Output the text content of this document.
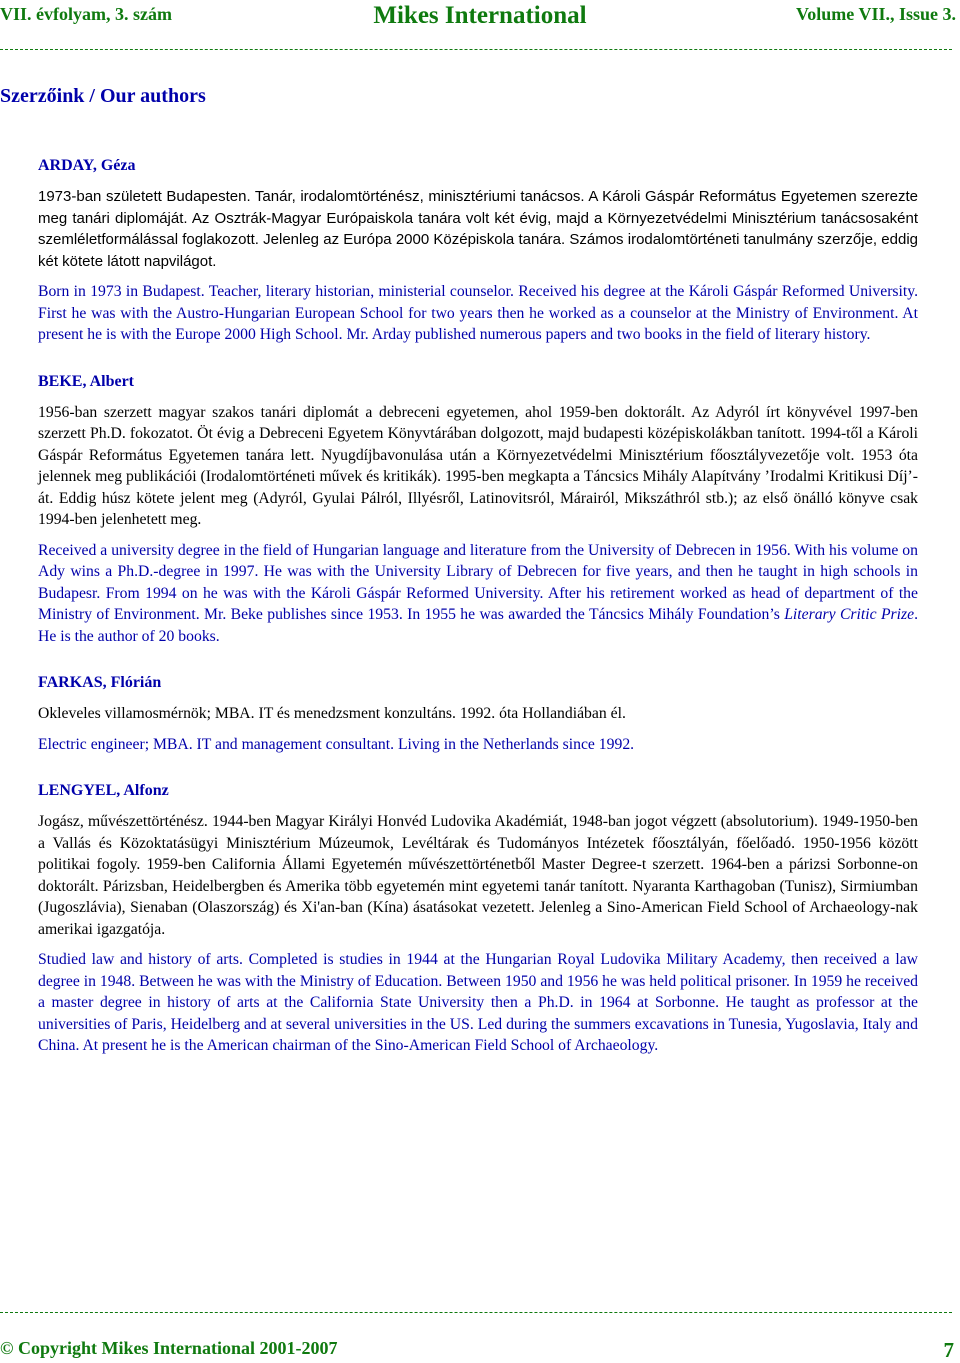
VII. évfolyam, 3. szám	Mikes International	Volume VII., Issue 3.
Szerzőink / Our authors
ARDAY, Géza

1973-ban született Budapesten. Tanár, irodalomtörténész, minisztériumi tanácsos. A Károli Gáspár Református Egyetemen szerezte meg tanári diplomáját. Az Osztrák-Magyar Európaiskola tanára volt két évig, majd a Környezetvédelmi Minisztérium tanácsosaként szemléletformálással foglakozott. Jelenleg az Európa 2000 Középiskola tanára. Számos irodalomtörténeti tanulmány szerzője, eddig két kötete látott napvilágot.

Born in 1973 in Budapest. Teacher, literary historian, ministerial counselor. Received his degree at the Károli Gáspár Reformed University. First he was with the Austro-Hungarian European School for two years then he worked as a counselor at the Ministry of Environment. At present he is with the Europe 2000 High School. Mr. Arday published numerous papers and two books in the field of literary history.

BEKE, Albert

1956-ban szerzett magyar szakos tanári diplomát a debreceni egyetemen, ahol 1959-ben doktorált. Az Adyról írt könyvével 1997-ben szerzett Ph.D. fokozatot. Öt évig a Debreceni Egyetem Könyvtárában dolgozott, majd budapesti középiskolákban tanított. 1994-től a Károli Gáspár Református Egyetemen tanára lett. Nyugdíjbavonulása után a Környezetvédelmi Minisztérium főosztályvezetője volt. 1953 óta jelennek meg publikációi (Irodalomtörténeti művek és kritikák). 1995-ben megkapta a Táncsics Mihály Alapítvány ’Irodalmi Kritikusi Díj’-át. Eddig húsz kötete jelent meg (Adyról, Gyulai Pálról, Illyésről, Latinovitsról, Márairól, Mikszáthról stb.); az első önálló könyve csak 1994-ben jelenhetett meg.

Received a university degree in the field of Hungarian language and literature from the University of Debrecen in 1956. With his volume on Ady wins a Ph.D.-degree in 1997. He was with the University Library of Debrecen for five years, and then he taught in high schools in Budapesr. From 1994 on he was with the Károli Gáspár Reformed University. After his retirement worked as head of department of the Ministry of Environment. Mr. Beke publishes since 1953. In 1955 he was awarded the Táncsics Mihály Foundation’s Literary Critic Prize. He is the author of 20 books.

FARKAS, Flórián

Okleveles villamosmérnök; MBA. IT és menedzsment konzultáns. 1992. óta Hollandiában él.

Electric engineer; MBA. IT and management consultant. Living in the Netherlands since 1992.

LENGYEL, Alfonz

Jogász, művészettörténész. 1944-ben Magyar Királyi Honvéd Ludovika Akadémiát, 1948-ban jogot végzett (absolutorium). 1949-1950-ben a Vallás és Közoktatásügyi Minisztérium Múzeumok, Levéltárak és Tudományos Intézetek főosztályán, főelőadó. 1950-1956 között politikai fogoly. 1959-ben California Állami Egyetemén művészettörténetből Master Degree-t szerzett. 1964-ben a párizsi Sorbonne-on doktorált. Párizsban, Heidelbergben és Amerika több egyetemén mint egyetemi tanár tanított. Nyaranta Karthagoban (Tunisz), Sirmiumban (Jugoszlávia), Sienaban (Olaszország) és Xi'an-ban (Kína) ásatásokat vezetett. Jelenleg a Sino-American Field School of Archaeology-nak amerikai igazgatója.

Studied law and history of arts. Completed is studies in 1944 at the Hungarian Royal Ludovika Military Academy, then received a law degree in 1948. Between he was with the Ministry of Education. Between 1950 and 1956 he was held political prisoner. In 1959 he received a master degree in history of arts at the California State University then a Ph.D. in 1964 at Sorbonne. He taught as professor at the universities of Paris, Heidelberg and at several universities in the US. Led during the summers excavations in Tunesia, Yugoslavia, Italy and China. At present he is the American chairman of the Sino-American Field School of Archaeology.

© Copyright Mikes International 2001-2007	7
